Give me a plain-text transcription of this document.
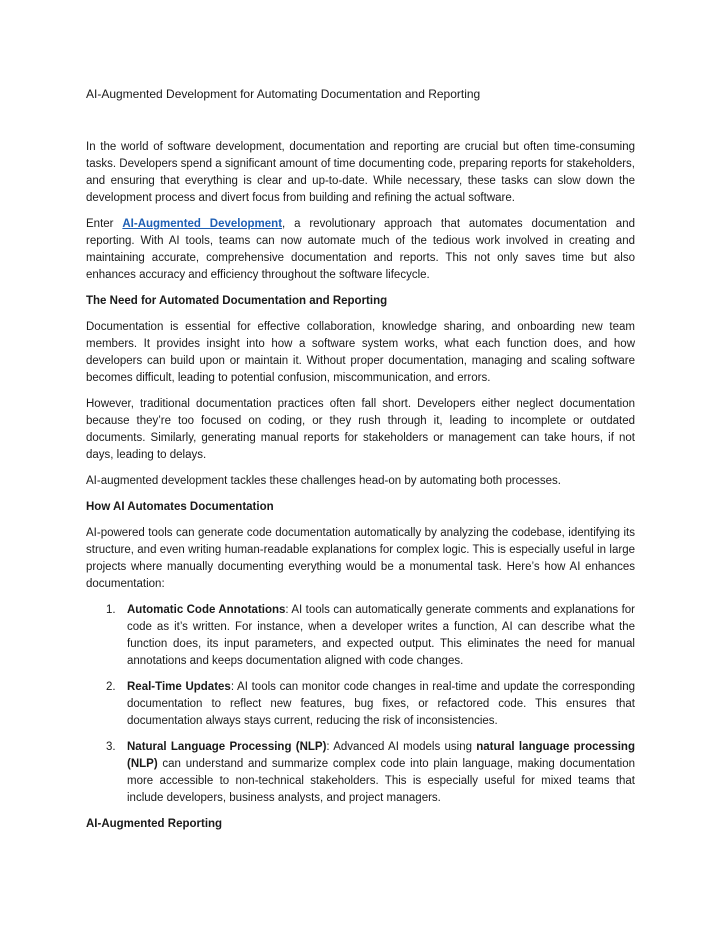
AI-Augmented Development for Automating Documentation and Reporting

In the world of software development, documentation and reporting are crucial but often time-consuming tasks. Developers spend a significant amount of time documenting code, preparing reports for stakeholders, and ensuring that everything is clear and up-to-date. While necessary, these tasks can slow down the development process and divert focus from building and refining the actual software.

Enter AI-Augmented Development, a revolutionary approach that automates documentation and reporting. With AI tools, teams can now automate much of the tedious work involved in creating and maintaining accurate, comprehensive documentation and reports. This not only saves time but also enhances accuracy and efficiency throughout the software lifecycle.

The Need for Automated Documentation and Reporting

Documentation is essential for effective collaboration, knowledge sharing, and onboarding new team members. It provides insight into how a software system works, what each function does, and how developers can build upon or maintain it. Without proper documentation, managing and scaling software becomes difficult, leading to potential confusion, miscommunication, and errors.

However, traditional documentation practices often fall short. Developers either neglect documentation because they’re too focused on coding, or they rush through it, leading to incomplete or outdated documents. Similarly, generating manual reports for stakeholders or management can take hours, if not days, leading to delays.

AI-augmented development tackles these challenges head-on by automating both processes.

How AI Automates Documentation

AI-powered tools can generate code documentation automatically by analyzing the codebase, identifying its structure, and even writing human-readable explanations for complex logic. This is especially useful in large projects where manually documenting everything would be a monumental task. Here’s how AI enhances documentation:

1. Automatic Code Annotations: AI tools can automatically generate comments and explanations for code as it’s written. For instance, when a developer writes a function, AI can describe what the function does, its input parameters, and expected output. This eliminates the need for manual annotations and keeps documentation aligned with code changes.

2. Real-Time Updates: AI tools can monitor code changes in real-time and update the corresponding documentation to reflect new features, bug fixes, or refactored code. This ensures that documentation always stays current, reducing the risk of inconsistencies.

3. Natural Language Processing (NLP): Advanced AI models using natural language processing (NLP) can understand and summarize complex code into plain language, making documentation more accessible to non-technical stakeholders. This is especially useful for mixed teams that include developers, business analysts, and project managers.

AI-Augmented Reporting
